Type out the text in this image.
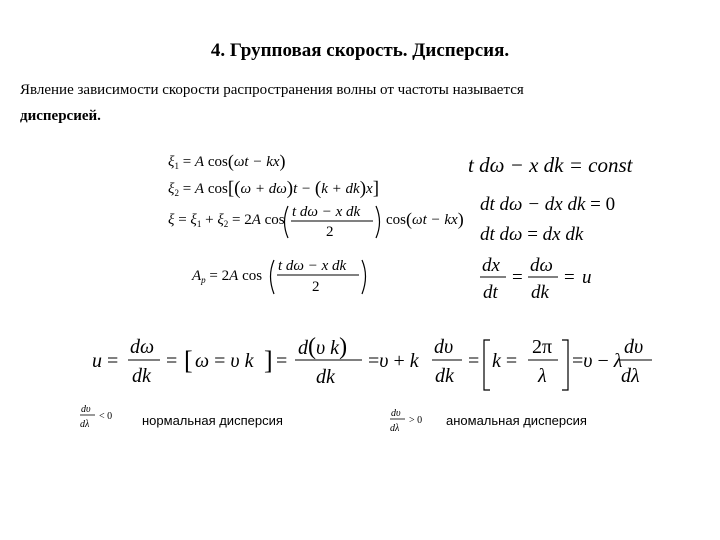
4. Групповая скорость. Дисперсия.
Явление зависимости скорости распространения волны от частоты называется
дисперсией.
$\xi_1 = A$ cos(ωt − kx)
$\xi_2 = A$ cos[(ω + dω)t − (k + dk)x]
$\xi = \xi_1 + \xi_2 = 2A$ cos t dω − x dk
2
cos(ωt − kx)
$A_p = 2A$ cos
t dω − x dk
2
t dω − x dk = const
dt dω − dx dk = 0
dt dω = dx dk
dx
dt
=
dω
dk
= u
u =
dω
dk
= [ ω = υ k ] =
d(υ k)
dk
=υ + k
dυ
dk
= k =
2π
λ
=υ − λ
dυ
dλ
dυ
dλ
< 0 нормальная дисперсия	dυ
dλ
> 0 аномальная дисперсия
